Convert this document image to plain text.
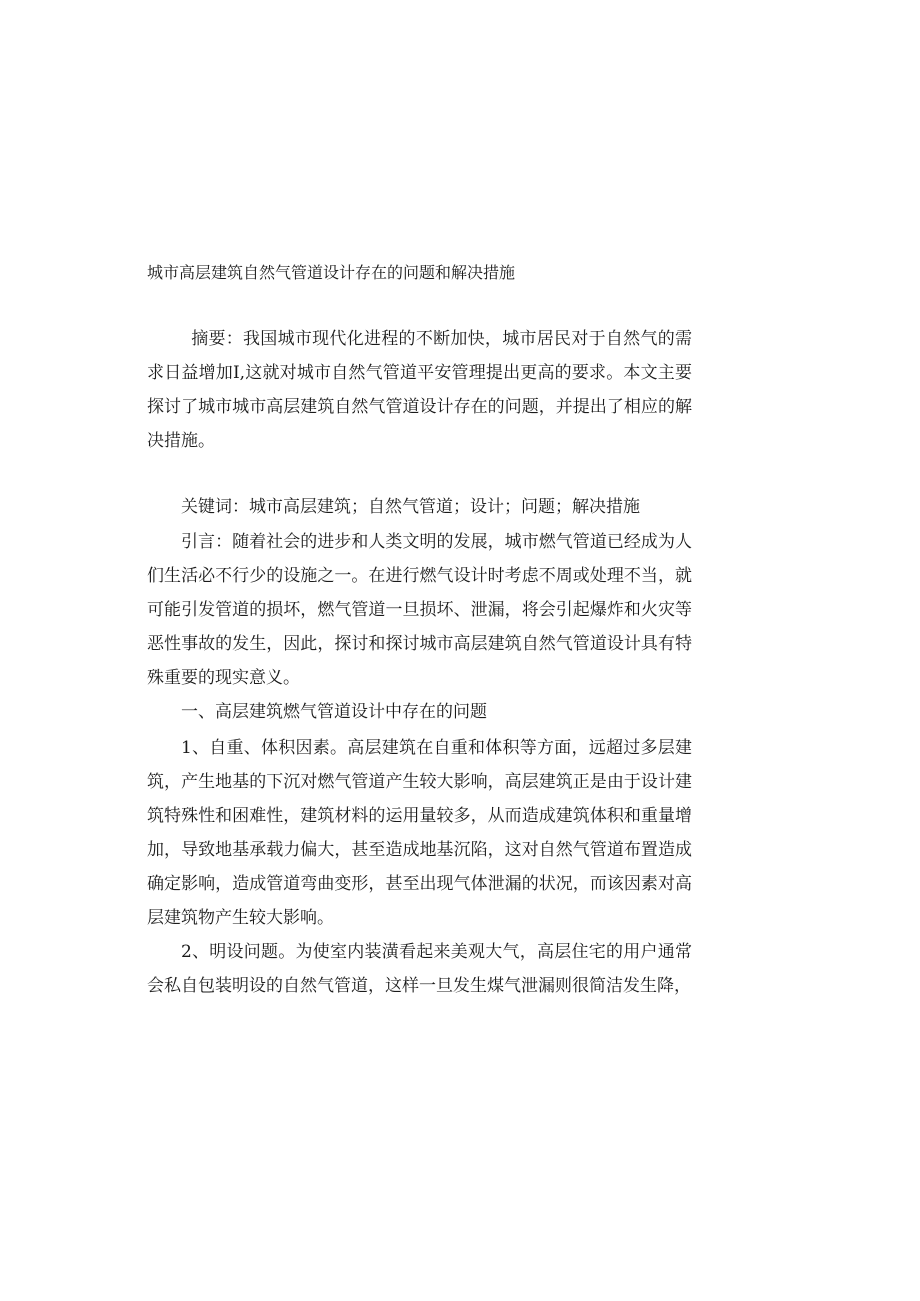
城市高层建筑自然气管道设计存在的问题和解决措施

摘要：我国城市现代化进程的不断加快，城市居民对于自然气的需求日益增加I,这就对城市自然气管道平安管理提出更高的要求。本文主要探讨了城市城市高层建筑自然气管道设计存在的问题，并提出了相应的解决措施。

关键词：城市高层建筑；自然气管道；设计；问题；解决措施

引言：随着社会的进步和人类文明的发展，城市燃气管道已经成为人们生活必不行少的设施之一。在进行燃气设计时考虑不周或处理不当，就可能引发管道的损坏，燃气管道一旦损坏、泄漏，将会引起爆炸和火灾等恶性事故的发生，因此，探讨和探讨城市高层建筑自然气管道设计具有特殊重要的现实意义。

一、高层建筑燃气管道设计中存在的问题

1、自重、体积因素。高层建筑在自重和体积等方面，远超过多层建筑，产生地基的下沉对燃气管道产生较大影响，高层建筑正是由于设计建筑特殊性和困难性，建筑材料的运用量较多，从而造成建筑体积和重量增加，导致地基承载力偏大，甚至造成地基沉陷，这对自然气管道布置造成确定影响，造成管道弯曲变形，甚至出现气体泄漏的状况，而该因素对高层建筑物产生较大影响。

2、明设问题。为使室内装潢看起来美观大气，高层住宅的用户通常会私自包装明设的自然气管道，这样一旦发生煤气泄漏则很简洁发生降，
